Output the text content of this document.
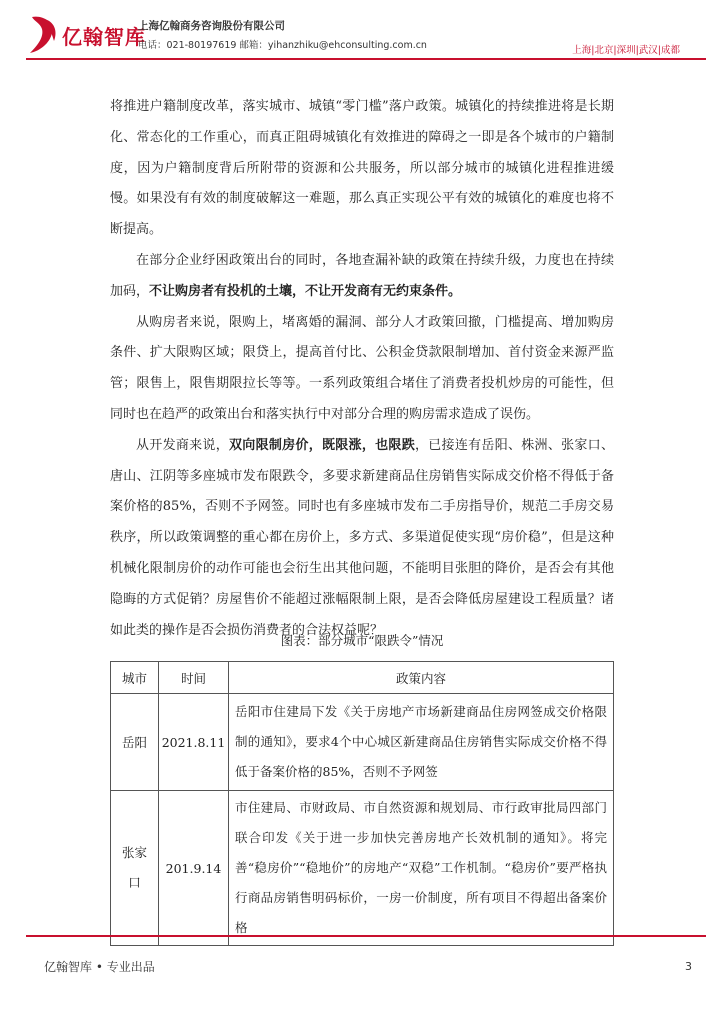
亿翰智库
上海亿翰商务咨询股份有限公司
电话：021-80197619 邮箱：yihanzhiku@ehconsulting.com.cn	上海|北京|深圳|武汉|成都

将推进户籍制度改革，落实城市、城镇“零门槛”落户政策。城镇化的持续推进将是长期化、常态化的工作重心，而真正阻碍城镇化有效推进的障碍之一即是各个城市的户籍制度，因为户籍制度背后所附带的资源和公共服务，所以部分城市的城镇化进程推进缓慢。如果没有有效的制度破解这一难题，那么真正实现公平有效的城镇化的难度也将不断提高。

在部分企业纾困政策出台的同时，各地查漏补缺的政策在持续升级，力度也在持续加码，不让购房者有投机的土壤，不让开发商有无约束条件。

从购房者来说，限购上，堵离婚的漏洞、部分人才政策回撤，门槛提高、增加购房条件、扩大限购区域；限贷上，提高首付比、公积金贷款限制增加、首付资金来源严监管；限售上，限售期限拉长等等。一系列政策组合堵住了消费者投机炒房的可能性，但同时也在趋严的政策出台和落实执行中对部分合理的购房需求造成了误伤。

从开发商来说，双向限制房价，既限涨，也限跌，已接连有岳阳、株洲、张家口、唐山、江阴等多座城市发布限跌令，多要求新建商品住房销售实际成交价格不得低于备案价格的85%，否则不予网签。同时也有多座城市发布二手房指导价，规范二手房交易秩序，所以政策调整的重心都在房价上，多方式、多渠道促使实现“房价稳”，但是这种机械化限制房价的动作可能也会衍生出其他问题，不能明目张胆的降价，是否会有其他隐晦的方式促销？房屋售价不能超过涨幅限制上限，是否会降低房屋建设工程质量？诸如此类的操作是否会损伤消费者的合法权益呢？

图表：部分城市“限跌令”情况
城市	时间	政策内容
岳阳	2021.8.11	岳阳市住建局下发《关于房地产市场新建商品住房网签成交价格限制的通知》，要求4个中心城区新建商品住房销售实际成交价格不得低于备案价格的85%，否则不予网签
张家口	201.9.14	市住建局、市财政局、市自然资源和规划局、市行政审批局四部门联合印发《关于进一步加快完善房地产长效机制的通知》。将完善“稳房价”“稳地价”的房地产“双稳”工作机制。“稳房价”要严格执行商品房销售明码标价，一房一价制度，所有项目不得超出备案价格
亿翰智库 • 专业出品	3
